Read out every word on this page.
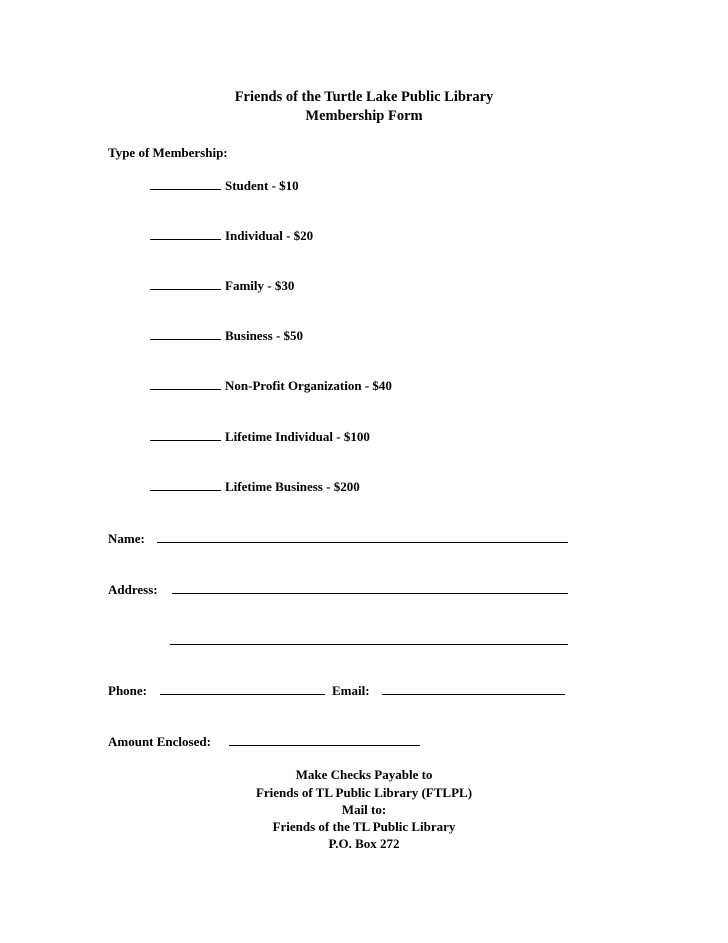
Friends of the Turtle Lake Public Library
Membership Form
Type of Membership:
Student - $10
Individual - $20
Family - $30
Business - $50
Non-Profit Organization - $40
Lifetime Individual - $100
Lifetime Business - $200
Name:
Address:
Phone:	Email:
Amount Enclosed:
Make Checks Payable to
Friends of TL Public Library (FTLPL)
Mail to:
Friends of the TL Public Library
P.O. Box 272
